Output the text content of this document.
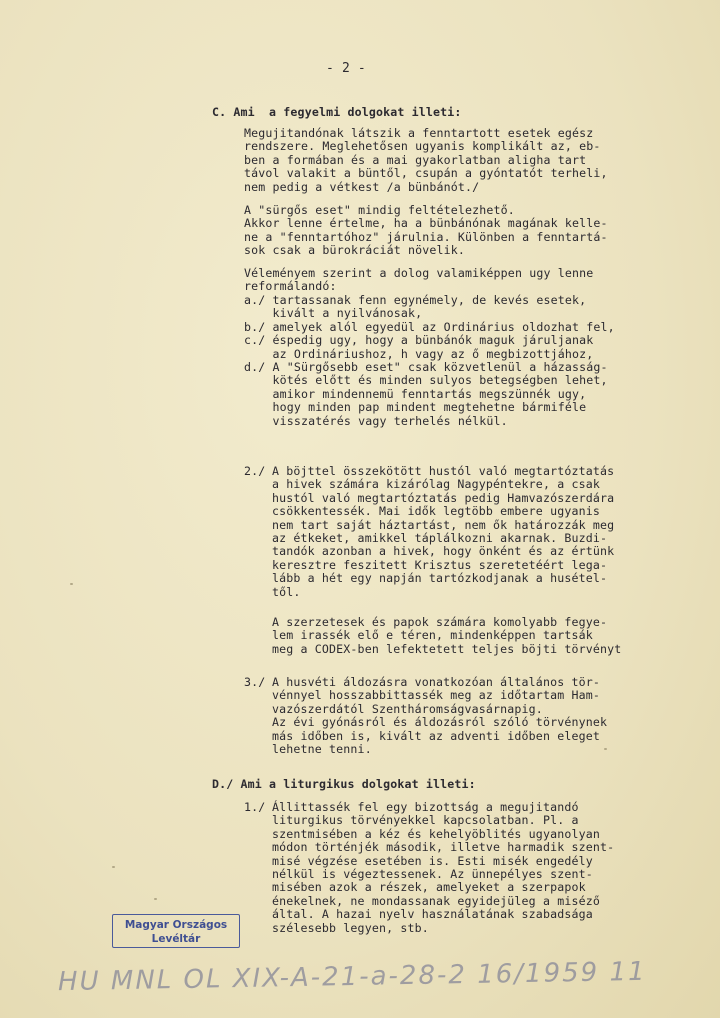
- 2 -
C. Ami  a fegyelmi dolgokat illeti:
Megujitandónak látszik a fenntartott esetek egész
rendszere. Meglehetősen ugyanis komplikált az, eb-
ben a formában és a mai gyakorlatban aligha tart
távol valakit a büntől, csupán a gyóntatót terheli,
nem pedig a vétkest /a bünbánót./
A "sürgős eset" mindig feltételezhető.
Akkor lenne értelme, ha a bünbánónak magának kelle-
ne a "fenntartóhoz" járulnia. Különben a fenntartá-
sok csak a bürokráciát növelik.
Véleményem szerint a dolog valamiképpen ugy lenne
reformálandó:
a./ tartassanak fenn egynémely, de kevés esetek,
kivált a nyilvánosak,
b./ amelyek alól egyedül az Ordinárius oldozhat fel,
c./ éspedig ugy, hogy a bünbánók maguk járuljanak
az Ordináriushoz, h vagy az ő megbizottjához,
d./ A "Sürgősebb eset" csak közvetlenül a házasság-
kötés előtt és minden sulyos betegségben lehet,
amikor mindennemü fenntartás megszünnék ugy,
hogy minden pap mindent megtehetne bármiféle
visszatérés vagy terhelés nélkül.
2./ A böjttel összekötött hustól való megtartóztatás
a hivek számára kizárólag Nagypéntekre, a csak
hustól való megtartóztatás pedig Hamvazószerdára
csökkentessék. Mai idők legtöbb embere ugyanis
nem tart saját háztartást, nem ők határozzák meg
az étkeket, amikkel táplálkozni akarnak. Buzdi-
tandók azonban a hivek, hogy önként és az értünk
keresztre feszitett Krisztus szeretetéért lega-
lább a hét egy napján tartózkodjanak a husétel-
től.
A szerzetesek és papok számára komolyabb fegye-
lem irassék elő e téren, mindenképpen tartsák
meg a CODEX-ben lefektetett teljes böjti törvényt
3./ A husvéti áldozásra vonatkozóan általános tör-
vénnyel hosszabbittassék meg az időtartam Ham-
vazószerdától Szentháromságvasárnapig.
Az évi gyónásról és áldozásról szóló törvénynek
más időben is, kivált az adventi időben eleget
lehetne tenni.
D./ Ami a liturgikus dolgokat illeti:
1./ Állittassék fel egy bizottság a megujitandó
liturgikus törvényekkel kapcsolatban. Pl. a
szentmisében a kéz és kehelyöblités ugyanolyan
módon történjék második, illetve harmadik szent-
misé végzése esetében is. Esti misék engedély
nélkül is végeztessenek. Az ünnepélyes szent-
misében azok a részek, amelyeket a szerpapok
énekelnek, ne mondassanak egyidejüleg a miséző
által. A hazai nyelv használatának szabadsága
szélesebb legyen, stb.
Magyar Országos
Levéltár
HU MNL OL XIX-A-21-a-28-2 16/1959 11
